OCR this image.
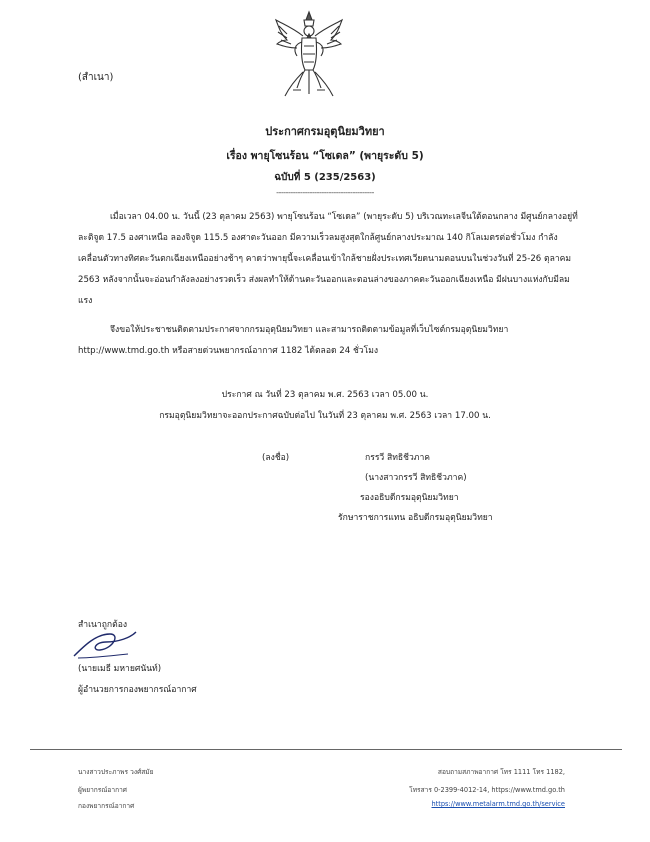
(สำเนา)
ประกาศกรมอุตุนิยมวิทยา
เรื่อง พายุโซนร้อน “โซเดล” (พายุระดับ 5)
ฉบับที่ 5 (235/2563)
-----------------------------------------

เมื่อเวลา 04.00 น. วันนี้ (23 ตุลาคม 2563) พายุโซนร้อน “โซเดล” (พายุระดับ 5) บริเวณทะเลจีนใต้ตอนกลาง มีศูนย์กลางอยู่ที่ละติจูด 17.5 องศาเหนือ ลองจิจูด 115.5 องศาตะวันออก มีความเร็วลมสูงสุดใกล้ศูนย์กลางประมาณ 140 กิโลเมตรต่อชั่วโมง กำลังเคลื่อนตัวทางทิศตะวันตกเฉียงเหนืออย่างช้าๆ คาดว่าพายุนี้จะเคลื่อนเข้าใกล้ชายฝั่งประเทศเวียดนามตอนบนในช่วงวันที่ 25-26 ตุลาคม 2563 หลังจากนั้นจะอ่อนกำลังลงอย่างรวดเร็ว ส่งผลทำให้ด้านตะวันออกและตอนล่างของภาคตะวันออกเฉียงเหนือ มีฝนบางแห่งกับมีลมแรง

จึงขอให้ประชาชนติดตามประกาศจากกรมอุตุนิยมวิทยา และสามารถติดตามข้อมูลที่เว็บไซต์กรมอุตุนิยมวิทยา http://www.tmd.go.th หรือสายด่วนพยากรณ์อากาศ 1182 ได้ตลอด 24 ชั่วโมง

ประกาศ ณ วันที่ 23 ตุลาคม พ.ศ. 2563 เวลา 05.00 น.
กรมอุตุนิยมวิทยาจะออกประกาศฉบับต่อไป ในวันที่ 23 ตุลาคม พ.ศ. 2563 เวลา 17.00 น.
(ลงชื่อ)	กรรวี สิทธิชีวภาค
(นางสาวกรรวี สิทธิชีวภาค)
รองอธิบดีกรมอุตุนิยมวิทยา
รักษาราชการแทน อธิบดีกรมอุตุนิยมวิทยา
สำเนาถูกต้อง
(นายเมธี มหายศนันท์)
ผู้อำนวยการกองพยากรณ์อากาศ
นางสาวประภาพร วงศ์สมัย
ผู้พยากรณ์อากาศ
กองพยากรณ์อากาศ
สอบถามสภาพอากาศ โทร 1111 โทร 1182,
โทรสาร 0-2399-4012-14, https://www.tmd.go.th
https://www.metalarm.tmd.go.th/service
